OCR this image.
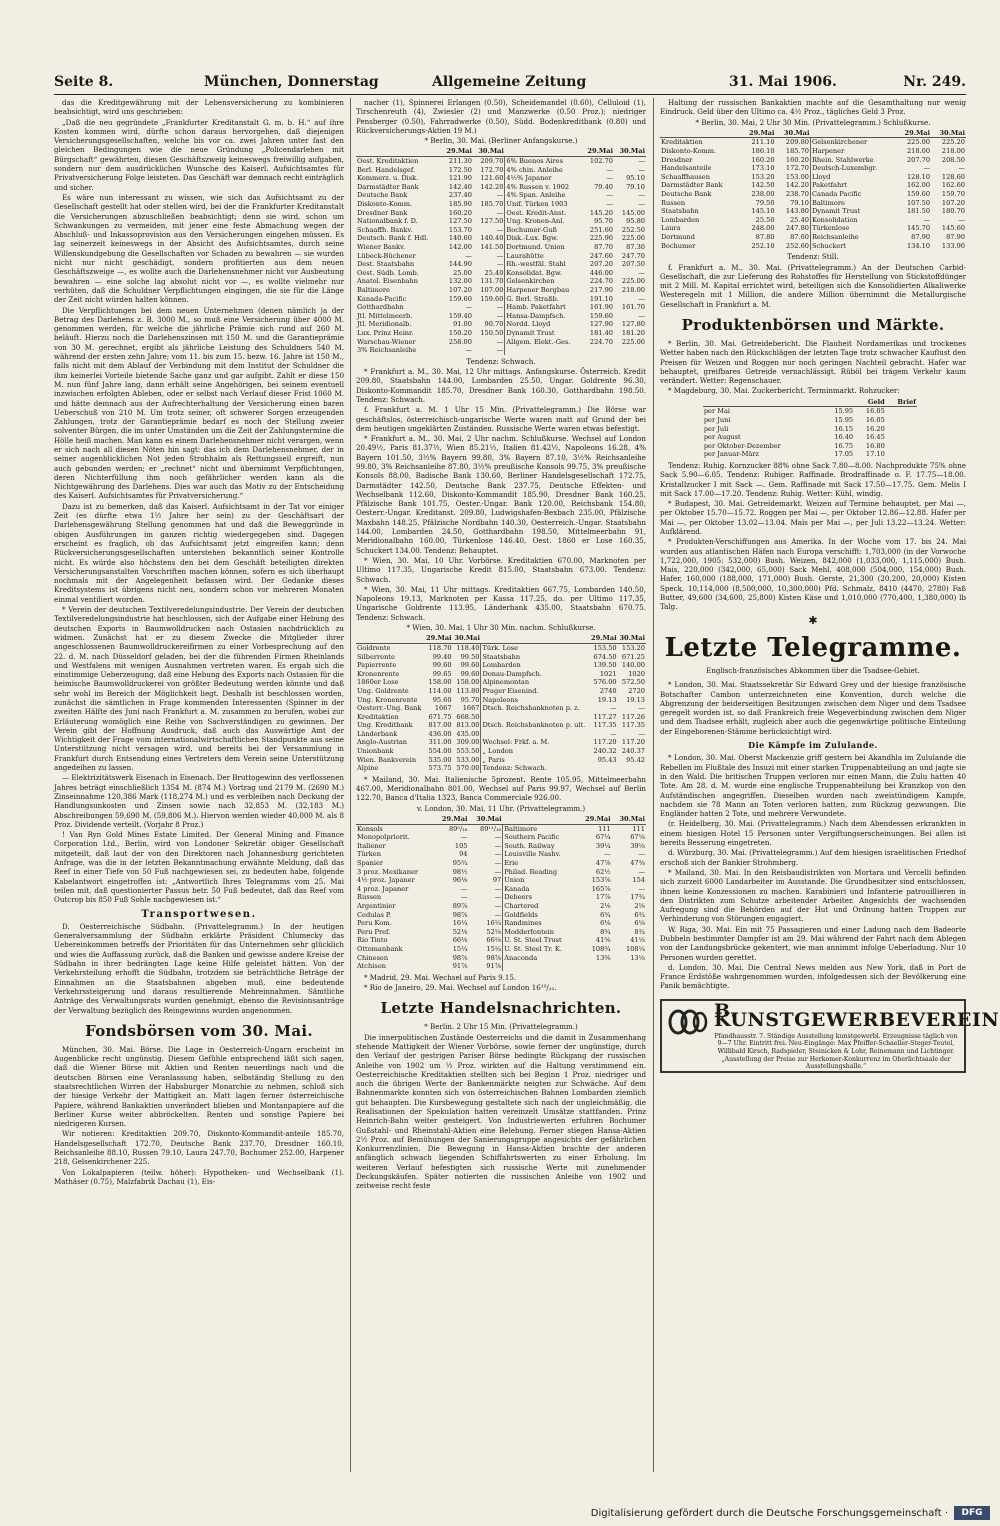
Seite 8.	München, Donnerstag	Allgemeine Zeitung	31. Mai 1906.	Nr. 249.

das die Kreditgewährung mit der Lebensversicherung zu kombinieren beabsichtigt, wird uns geschrieben:

„Daß die neu gegründete „Frankfurter Kreditanstalt G. m. b. H.“ auf ihre Kosten kommen wird, dürfte schon daraus hervorgehen, daß diejenigen Versicherungsgesellschaften, welche bis vor ca. zwei Jahren unter fast den gleichen Bedingungen wie die neue Gründung „Policendarlehen mit Bürgschaft“ gewährten, diesen Geschäftszweig keineswegs freiwillig aufgaben, sondern nur dem ausdrücklichen Wunsche des Kaiserl. Aufsichtsamtes für Privatversicherung Folge leisteten. Das Geschäft war demnach recht einträglich und sicher.

Es wäre nun interessant zu wissen, wie sich das Aufsichtsamt zu der Gesellschaft gestellt hat oder stellen wird, bei der die Frankfurter Kreditanstalt die Versicherungen abzuschließen beabsichtigt; denn sie wird, schon um Schwankungen zu vermeiden, mit jener eine feste Abmachung wegen der Abschluß- und Inkassoprovision aus den Versicherungen eingehen müssen. Es lag seinerzeit keineswegs in der Absicht des Aufsichtsamtes, durch seine Willenskundgebung die Gesellschaften vor Schaden zu bewahren — sie wurden nicht nur nicht geschädigt, sondern profitierten aus dem neuen Geschäftszweige —, es wollte auch die Darlehensnehmer nicht vor Ausbeutung bewahren — eine solche lag absolut nicht vor —, es wollte vielmehr nur verhüten, daß die Schuldner Verpflichtungen eingingen, die sie für die Länge der Zeit nicht würden halten können.

Die Verpflichtungen bei dem neuen Unternehmen (denen nämlich ja der Betrag des Darlehens z. B. 3000 M., so muß eine Versicherung über 4000 M. genommen werden, für welche die jährliche Prämie sich rund auf 260 M. beläuft. Hierzu noch die Darlehenszinsen mit 150 M. und die Garantieprämie von 30 M. gerechnet, ergibt als jährliche Leistung des Schuldners 540 M. während der ersten zehn Jahre; vom 11. bis zum 15. bezw. 16. Jahre ist 150 M., falls nicht mit dem Ablauf der Verbindung mit dem Institut der Schuldner die ihm keinerlei Vorteile bietende Sache ganz und gar aufgibt. Zahlt er diese 150 M. nun fünf Jahre lang, dann erhält seine Angehörigen, bei seinem eventuell inzwischen erfolgten Ableben, oder er selbst nach Verlauf dieser Frist 1060 M. und hätte demnach aus der Aufrechterhaltung der Versicherung einen baren Ueberschuß von 210 M. Um trotz seiner, oft schwerer Sorgen erzeugenden Zahlungen, trotz der Garantieprämie bedarf es noch der Stellung zweier solventer Bürgen, die im unter Umständen um die Zeit der Zahlungstermine die Hölle heiß machen. Man kann es einem Darlehensnehmer nicht verargen, wenn er sich nach all diesen Nöten hin sagt: das ich dem Darlehensnehmer, der in seiner augenblicklichen Not jeden Strohhalm als Rettungsseil ergreift, nun auch gebunden werden; er „rechnet“ nicht und übernimmt Verpflichtungen, deren Nichterfüllung ihm noch gefährlicher werden kann als die Nichtgewährung des Darlehens. Dies war auch das Motiv zu der Entscheidung des Kaiserl. Aufsichtsamtes für Privatversicherung.“

Dazu ist zu bemerken, daß das Kaiserl. Aufsichtsamt in der Tat vor einiger Zeit (es dürfte etwa 1½ Jahre her sein) zu der Geschäftsart der Darlehensgewährung Stellung genommen hat und daß die Beweggründe in obigen Ausführungen im ganzen richtig wiedergegeben sind. Dagegen erscheint es fraglich, ob das Aufsichtsamt jetzt eingreifen kann; denn Rückversicherungsgesellschaften unterstehen bekanntlich seiner Kontrolle nicht. Es würde also höchstens den bei dem Geschäft beteiligten direkten Versicherungsanstalten Vorschriften machen können, sofern es sich überhaupt nochmals mit der Angelegenheit befassen wird. Der Gedanke dieses Kreditsystems ist übrigens nicht neu, sondern schon vor mehreren Monaten einmal ventiliert worden.

* Verein der deutschen Textilveredelungsindustrie. Der Verein der deutschen Textilveredelungsindustrie hat beschlossen, sich der Aufgabe einer Hebung des deutschen Exports in Baumwolldrucken nach Ostasien nachdrücklich zu widmen. Zunächst hat er zu diesem Zwecke die Mitglieder ihrer angeschlossenen Baumwolldruckereifirmen zu einer Vorbesprechung auf den 22. d. M. nach Düsseldorf geladen, bei der die führenden Firmen Rheinlands und Westfalens mit wenigen Ausnahmen vertreten waren. Es ergab sich die einstimmige Ueberzeugung, daß eine Hebung des Exports nach Ostasien für die heimische Baumwolldruckerei von größter Bedeutung werden könnte und daß sehr wohl im Bereich der Möglichkeit liegt. Deshalb ist beschlossen worden, zunächst die sämtlichen in Frage kommenden Interessenten (Spinner in der zweiten Hälfte des Juni nach Frankfurt a. M. zusammen zu berufen, wobei zur Erläuterung womöglich eine Reihe von Sachverständigen zu gewinnen. Der Verein gibt der Hoffnung Ausdruck, daß auch das Auswärtige Amt der Wichtigkeit der Frage vom internationalwirtschaftlichen Standpunkte aus seine Unterstützung nicht versagen wird, und bereits bei der Versammlung in Frankfurt durch Entsendung eines Vertreters dem Verein seine Unterstützung angedeihen zu lassen.

— Elektrizitätswerk Eisenach in Eisenach. Der Bruttogewinn des verflossenen Jahres beträgt einschließlich 1354 M. (874 M.) Vortrag und 2179 M. (2690 M.) Zinseinnahme 120,386 Mark (118,274 M.) und es verbleiben nach Deckung der Handlungsunkosten und Zinsen sowie nach 32,853 M. (32,183 M.) Abschreibungen 59,690 M. (59,806 M.). Hiervon werden wieder 40,000 M. als 8 Proz. Dividende verteilt. (Vorjahr 8 Proz.)

! Van Ryn Gold Mines Estate Limited. Der General Mining and Finance Corporation Ltd., Berlin, wird von Londoner Sekretär obiger Gesellschaft mitgeteilt, daß laut der von den Direktoren nach Johannesburg gerichteten Anfrage, was die in der letzten Bekanntmachung erwähnte Meldung, daß das Reef in einer Tiefe von 50 Fuß nachgewiesen sei, zu bedeuten habe, folgende Kabelantwort eingetroffen ist: „Antwortlich Ihres Telegramms vom 25. Mai teilen mit, daß questionierter Passus betr. 50 Fuß bedeutet, daß das Reef vom Outcrop bis 850 Fuß Sohle nachgewiesen ist.“

Transportwesen.

D. Oesterreichische Südbahn. (Privattelegramm.) In der heutigen Generalversammlung der Südbahn erklärte Präsident Chlumecky das Uebereinkommen betreffs der Prioritäten für das Unternehmen sehr glücklich und wies die Auffassung zurück, daß die Banken und gewisse andere Kreise der Südbahn in ihrer bedrängten Lage keine Hilfe geleistet hätten. Von der Verkehrsteilung erhofft die Südbahn, trotzdem sie beträchtliche Beträge der Einnahmen an die Staatsbahnen abgeben muß, eine bedeutende Verkehrssteigerung und daraus resultierende Mehreinnahmen. Sämtliche Anträge des Verwaltungsrats wurden genehmigt, ebenso die Revisionsanträge der Verwaltung bezüglich des Reingewinns wurden angenommen.

Fondsbörsen vom 30. Mai.

München, 30. Mai. Börse. Die Lage in Oesterreich-Ungarn erscheint im Augenblicke recht ungünstig. Diesem Gefühle entsprechend läßt sich sagen, daß die Wiener Börse mit Aktien und Renten neuerdings nach und die deutschen Börsen eine Veranlassung haben, selbständig Stellung zu den staatsrechtlichen Wirren der Habsburger Monarchie zu nehmen, schloß sich der hiesige Verkehr der Mattigkeit an. Matt lagen ferner österreichische Papiere, während Bankaktien unverändert blieben und Montanpapiere auf die Berliner Kurse weiter abbröckelten. Renten und sonstige Papiere bei niedrigeren Kursen.

Wir notieren: Kreditaktien 209.70, Diskonto-Kommandit-anteile 185.70, Handelsgesellschaft 172.70, Deutsche Bank 237.70, Dresdner 160.10, Reichsanleihe 88.10, Russen 79.10, Laura 247.70, Bochumer 252.00, Harpener 218, Gelsenkirchener 225.

Von Lokalpapieren (teilw. höher): Hypotheken- und Wechselbank (1). Mathäser (0.75), Malzfabrik Dachau (1), Eis-

nacher (1), Spinnerei Erlangen (0.50), Scheidemandel (0.60), Celluloid (1), Tirschenreuth (4), Zwiesler (2) und Manzwerke (0.50 Proz.); niedriger Pensberger (0.50), Fahrradwerke (0.50), Südd. Bodenkreditbank (0.80) und Rückversicherungs-Aktien 19 M.)

* Berlin, 30. Mai. (Berliner Anfangskurse.)

	29.Mai	30.Mai		29.Mai	30.Mai
Oest. Kreditaktien	211.30	209.70	6% Buenos Aires	102.70	—
Berl. Handelsgef.	172.50	172.70	4% chin. Anleihe	—	—
Kommerz. u. Disk.	121.90	121.60	4½% Japaner	—	95.10
Darmstädter Bank	142.40	142.20	4% Russen v. 1902	79.40	79.10
Deutsche Bank	237.40	—	4% Span. Anleihe	—	—
Diskonto-Komm.	185.90	185.70	Unif. Türken 1903	—	—
Dresdner Bank	160.20	—	Oest. Kredit-Anst.	145.20	145.00
Nationalbank f. D.	127.50	127.50	Ung. Kronen-Anl.	95.70	95.80
Schaaffh. Bankv.	153.70	—	Bochumer-Guß	251.60	252.50
Deutsch. Bank f. Hdl.	140.60	140.40	Disk.-Lux. Bgw.	225.90	225.00
Wiener Bankv.	142.00	141.50	Dortmund. Union	87.70	87.30
Lübeck-Büchener	—	—	Laurahütte	247.60	247.70
Dest. Staatsbahn	144.90	—	Rh.-westfäl. Stahl	207.20	207.50
Oest. Südb. Lomb.	25.00	25.40	Konsolidat. Bgw.	446.00	—
Anatol. Eisenbahn	132.00	131.70	Gelsenkirchen	224.70	225.00
Baltimore	107.20	107.00	Harpener Bergbau	217.90	218.00
Kanada-Pacific	159.60	159.60	G. Berl. Straßb.	191.10	—
Gotthardbahn	—	—	Hamb. Paketfahrt	161.90	161.70
Jtl. Mittelmeerb.	159.40	—	Hansa-Dampfsch.	159.60	—
Jtl. Meridionalb.	91.00	90.70	Nordd. Lloyd	127.90	127.80
Lux. Prinz Heinr.	150.20	150.50	Dynamit Trust	181.40	181.20
Warschau-Wiener	258.00	—	Allgem. Elekt.-Ges.	224.70	225.00
3% Reichsanleihe	—	—			

Tendenz: Schwach.

* Frankfurt a. M., 30. Mai, 12 Uhr mittags. Anfangskurse. Österreich. Kredit 209.80, Staatsbahn 144.00, Lombarden 25.50, Ungar. Goldrente 96.30, Diskonto-Kommandit 185.70, Dresdner Bank 160.30, Gotthardbahn 198.50. Tendenz: Schwach.

f. Frankfurt a. M. 1 Uhr 15 Min. (Privattelegramm.) Die Börse war geschäftslos, österreichisch-ungarische Werte waren matt auf Grund der bei dem heutigen ungeklärten Zuständen. Russische Werte waren etwas befestigt.

* Frankfurt a. M., 30. Mai, 2 Uhr nachm. Schlußkurse. Wechsel auf London 20.49½, Paris 81.37½, Wien 85.21½, Italien 81.42½, Napoleons 16.28, 4% Bayern 101.50, 3½% Bayern 99.80, 3% Bayern 87.10, 3½% Reichsanleihe 99.80, 3% Reichsanleihe 87.80, 3½% preußische Konsols 99.75, 3% preußische Konsols 88.00, Badische Bank 130.60, Berliner Handelsgesellschaft 172.75, Darmstädter 142.50, Deutsche Bank 237.75, Deutsche Effekten- und Wechselbank 112.60, Diskonto-Kommandit 185.90, Dresdner Bank 160.25, Pfälzische Bank 101.75, Oester.-Ungar. Bank 120.00, Reichsbank 154.80, Oesterr.-Ungar. Kreditanst. 209.80, Ludwigshafen-Bexbach 235.00, Pfälzische Maxbahn 148.25, Pfälzische Nordbahn 140.30, Oesterreich.-Ungar. Staatsbahn 144.00, Lombarden 24.50, Gotthardbahn 198.50, Mittelmeerbahn 91, Meridionalbahn 160.00, Türkenlose 146.40, Oest. 1860 er Lose 160.35, Schuckert 134.00. Tendenz: Behauptet.

* Wien, 30. Mai, 10 Uhr. Vorbörse. Kreditaktien 670.00, Marknoten per Ultimo 117.35, Ungarische Kredit 815.00, Staatsbahn 673.00. Tendenz: Schwach.

* Wien, 30. Mai, 11 Uhr mittags. Kreditaktien 667.75, Lombarden 140.50, Napoleons 19.13, Marknoten per Kassa 117.25, do. per Ultimo 117.35, Ungarische Goldrente 113.95, Länderbank 435.00, Staatsbahn 670.75. Tendenz: Schwach.

* Wien, 30. Mai, 1 Uhr 30 Min. nachm. Schlußkurse.

	29.Mai	30.Mai		29.Mai	30.Mai
Goldrente	118.70	118.40	Türk. Lose	153.50	153.20
Silberrente	99.40	99.50	Staatsbahn	674.50	671.25
Papierrente	99.60	99.60	Lombarden	139.50	140.00
Kronenrente	99.65	99.60	Donau-Dampfsch.	1021	1020
1860er Lose	158.00	158.00	Alpinemontan	576.00	572.50
Ung. Goldrente	114.00	113.80	Prager Eisenind.	2740	2720
Ung. Kronenrente	95.60	95.70	Napoleons	19.13	19.13
Oesterr.-Ung. Bank	1667	1667	Dtsch. Reichsbanknoten p. z.	—	—
Kreditaktien	671.75	668.50		117.27	117.26
Ung. Kreditbank	817.00	813.00	Dtsch. Reichsbanknoten p. ult.	117.35	117.35
Länderbank	436.00	435.00		—	—
Anglo-Austrian	311.00	309.00	Wechsel: Frkf. a. M.	117.20	117.20
Unionbank	554.00	553.50	„ London	240.32	240.37
Wien. Bankverein	535.00	533.00	„ Paris	95.43	95.42
Alpine	573.75	570.00	Tendenz: Schwach.		

* Mailand, 30. Mai. Italienische 5prozent. Rente 105.95, Mittelmeerbahn 467.00, Meridionalbahn 801.00, Wechsel auf Paris 99.97, Wechsel auf Berlin 122.70, Banca d'Italia 1323, Banca Commerciale 926.00.

v. London, 30. Mai, 11 Uhr. (Privattelegramm.)

	29.Mai	30.Mai		29.Mai	30.Mai
Konsols	89⁵/₁₆	89¹¹/₁₆	Baltimore	111	111
Monopolpriorit.	—	—	Southern Pacific	67¼	67⅛
Italiener	105	—	South. Railway	39¼	39⅛
Türken	94	—	Louisville Nashv.	—	—
Spanier	95¾	—	Erie	47⅞	47⅜
3 proz. Mexikaner	98½	—	Philad. Reading	62½	—
4½ proz. Japaner	96⅛	97	Union	153⅞	154
4 proz. Japaner	—	—	Kanada	165⅞	—
Russen	—	—	Debeers	17⅞	17¾
Argentinier	89⅞	—	Chartered	2⅛	2⅛
Cedulas P.	98⅞	—	Goldfields	6¾	6¾
Peru Kom.	16¼	16¼	Randmines	6⅛	6⅛
Peru Pref.	52⅛	52⅛	Modderfontein	8¾	8¾
Rio Tinto	66⅛	66⅛	U. St. Steel Trust	41⅝	41⅛
Ottomanbank	15¼	15¼	U. St. Steel Tr. K.	108¾	108¼
Chinesen	98⅞	98⅞	Anaconda	13⅜	13⅛
Atchison	91⅞	91⅞			

* Madrid, 29. Mai. Wechsel auf Paris 9.15.

* Rio de Janeiro, 29. Mai. Wechsel auf London 16¹⁹/₃₂.

Letzte Handelsnachrichten.

* Berlin. 2 Uhr 15 Min. (Privattelegramm.)

Die innerpolitischen Zustände Oesterreichs und die damit in Zusammenhang stehende Mattigkeit der Wiener Vorbörse, sowie ferner der ungünstige, durch den Verlauf der gestrigen Pariser Börse bedingte Rückgang der russischen Anleihe von 1902 um ½ Proz. wirkten auf die Haltung verstimmend ein. Oesterreichische Kreditaktien stellten sich bei Beginn 1 Proz. niedriger und auch die übrigen Werte der Bankenmärkte neigten zur Schwäche. Auf dem Bahnenmarkte konnten sich von österreichischen Bahnen Lombarden ziemlich gut behaupten. Die Kursbewegung gestaltete sich nach der ungleichmäßig, die Realisationen der Spekulation hatten vereinzelt Umsätze stattfanden. Prinz Heinrich-Bahn weiter gesteigert. Von Industriewerten erfuhren Bochumer Gußstahl- und Rheinstahl-Aktien eine Belebung. Ferner stiegen Hansa-Aktien 2½ Proz. auf Bemühungen der Sanierungsgruppe angesichts der gefährlichen Konkurrenzlinien. Die Bewegung in Hansa-Aktien brachte der anderen anfänglich schwach liegenden Schiffahrtswerten zu einer Erholung. Im weiteren Verlauf befestigten sich russische Werte mit zunehmender Deckungskäufen. Später notierten die russischen Anleihe von 1902 und zeitweise recht feste

Haltung der russischen Bankaktien machte auf die Gesamthaltung nur wenig Eindruck. Geld über den Ultimo ca. 4½ Proz., tägliches Geld 3 Proz.

* Berlin, 30. Mai, 2 Uhr 30 Min. (Privattelegramm.) Schlußkurse.

	29.Mai	30.Mai		29.Mai	30.Mai
Kreditaktien	211.10	209.80	Gelsenkirchener	225.00	225.20
Diskonto-Komm.	186.10	185.70	Harpener	218.00	218.00
Dresdner	160.20	160.20	Rhein. Stahlwerke	207.70	208.50
Handelsanteile	173.10	172.70	Deutsch-Luxembgr.	—	—
Schaaffhausen	153.20	153.00	Lloyd	128.10	128.60
Darmstädter Bank	142.50	142.20	Paketfahrt	162.00	162.60
Deutsche Bank	238.00	238.70	Canada Pacific	159.60	159.70
Russen	79.50	79.10	Baltimore	107.50	107.20
Staatsbahn	145.10	143.80	Dynamit Trust	181.50	180.70
Lombarden	25.50	25.40	Konsolidation	—	—
Laura	248.00	247.80	Türkenlose	145.70	145.60
Dortmund	87.80	87.60	Reichsanleihe	87.90	87.90
Bochumer	252.10	252.60	Schuckert	134.10	133.90

Tendenz: Still.

f. Frankfurt a. M., 30. Mai. (Privattelegramm.) An der Deutschen Carbid-Gesellschaft, die zur Lieferung des Rohstoffes für Herstellung von Stickstoffdünger mit 2 Mill. M. Kapital errichtet wird, beteiligen sich die Konsolidierten Alkaliwerke Westeregeln mit 1 Million, die andere Million übernimmt die Metallurgische Gesellschaft in Frankfurt a. M.

Produktenbörsen und Märkte.

* Berlin, 30. Mai. Getreidebericht. Die Flauheit Nordamerikas und trockenes Wetter haben nach den Rückschlägen der letzten Tage trotz schwacher Kauflust den Preisen für Weizen und Roggen nur noch geringen Nachteil gebracht. Hafer war behauptet, greifbares Getreide vernachlässigt. Rüböl bei trägem Verkehr kaum verändert. Wetter: Regenschauer.

* Magdeburg, 30. Mai. Zuckerbericht. Terminmarkt. Rohzucker:

		Geld	Brief
per Mai	15.95	16.05	
per Juni	15.95	16.05	
per Juli	16.15	16.20	
per August	16.40	16.45	
per Oktober-Dezember	16.75	16.80	
per Januar-März	17.05	17.10	

Tendenz: Ruhig. Kornzucker 88% ohne Sack 7.80—8.00. Nachprodukte 75% ohne Sack 5.90—6.05. Tendenz: Ruhiger. Raffinade. Brodraffinade o. F. 17.75—18.00. Kristallzucker I mit Sack —. Gem. Raffinade mit Sack 17.50—17.75. Gem. Melis I mit Sack 17.00—17.20. Tendenz: Ruhig. Wetter: Kühl, windig.

* Budapest, 30. Mai. Getreidemarkt. Weizen auf Termine behauptet, per Mai —, per Oktober 15.70—15.72. Roggen per Mai —, per Oktober 12.86—12.88. Hafer per Mai —, per Oktober 13.02—13.04. Mais per Mai —, per Juli 13.22—13.24. Wetter: Aufklärend.

* Produkten-Verschiffungen aus Amerika. In der Woche vom 17. bis 24. Mai wurden aus atlantischen Häfen nach Europa verschifft: 1,703,000 (in der Vorwoche 1,722,000, 1905: 532,000) Bush. Weizen, 842,000 (1,033,000, 1,115,000) Bush. Mais, 220,000 (342,000, 65,000) Sack Mehl, 408,000 (504,000, 154,000) Bush. Hafer, 160,000 (188,000, 171,000) Bush. Gerste, 21,300 (20,200, 20,000) Kisten Speck, 10,114,000 (8,500,000, 10,300,000) Pfd. Schmalz, 8410 (4470, 2780) Faß Butter, 49,600 (34,600, 25,800) Kisten Käse und 1,010,000 (770,400, 1,380,000) lb Talg.

✱
Letzte Telegramme.
Englisch-französisches Abkommen über die Tsadsee-Gebiet.

* London, 30. Mai. Staatssekretär Sir Edward Grey und der hiesige französische Botschafter Cambon unterzeichneten eine Konvention, durch welche die Abgrenzung der beiderseitigen Besitzungen zwischen dem Niger und dem Tsadsee geregelt worden ist, so daß Frankreich freie Wegeverbindung zwischen dem Niger und dem Tsadsee erhält, zugleich aber auch die gegenwärtige politische Einteilung der Eingeborenen-Stämme berücksichtigt wird.

Die Kämpfe im Zululande.

* London, 30. Mai. Oberst Mackenzie griff gestern bei Akandhla im Zululande die Rebellen im Flußtale des Insuzi mit einer starken Truppenabteilung an und jagte sie in den Wald. Die britischen Truppen verloren nur einen Mann, die Zulu hatten 40 Tote. Am 28. d. M. wurde eine englische Truppenabteilung bei Kranzkop von den Aufständischen angegriffen. Dieselben wurden nach zweistündigem Kampfe, nachdem sie 78 Mann an Toten verloren hatten, zum Rückzug gezwungen. Die Engländer hatten 2 Tote, und mehrere Verwundete.

(r. Heidelberg, 30. Mai. (Privattelegramm.) Nach dem Abendessen erkrankten in einem hiesigen Hotel 15 Personen unter Vergiftungserscheinungen. Bei allen ist bereits Besserung eingetreten.

d. Würzburg, 30. Mai. (Privattelegramm.) Auf dem hiesigen israelitischen Friedhof erschoß sich der Bankier Strohmberg.

* Mailand, 30. Mai. In den Reisbaudistrikten von Mortara und Vercelli befinden sich zurzeit 6000 Landarbeiter im Ausstande. Die Grundbesitzer sind entschlossen, ihnen keine Konzessionen zu machen. Karabinieri und Infanterie patrouillieren in den Distrikten zum Schutze arbeitender Arbeiter. Angesichts der wachsenden Aufregung sind die Behörden auf der Hut und Ordnung hatten Truppen zur Verhinderung von Störungen engagiert.

W. Riga, 30. Mai. Ein mit 75 Passagieren und einer Ladung nach dem Badeorte Dubbeln bestimmter Dampfer ist am 29. Mai während der Fahrt nach dem Ablegen von der Landungsbrücke gekentert, wie man annimmt infolge Ueberladung. Nur 10 Personen wurden gerettet.

d. London, 30. Mai. Die Central News melden aus New York, daß in Port de France Erdstöße wahrgenommen wurden, infolgedessen sich der Bevölkerung eine Panik bemächtigte.

B. KUNSTGEWERBEVEREIN
Pfandhausstr. 7. Ständige Ausstellung kunstgewerbl. Erzeugnisse täglich von 9—7 Uhr. Eintritt frei. Neu-Eingänge: Max Pfeiffer-Schaeller-Steger-Teutel, Willibald Kirsch, Radspieler, Steinicken & Lohr, Reinemann und Lichtinger. „Ausstellung der Preise zur Herkomer-Konkurrenz im Oberlichtsaale der Ausstellungshalle.“
Digitalisierung gefördert durch die Deutsche Forschungsgemeinschaft ·	DFG
